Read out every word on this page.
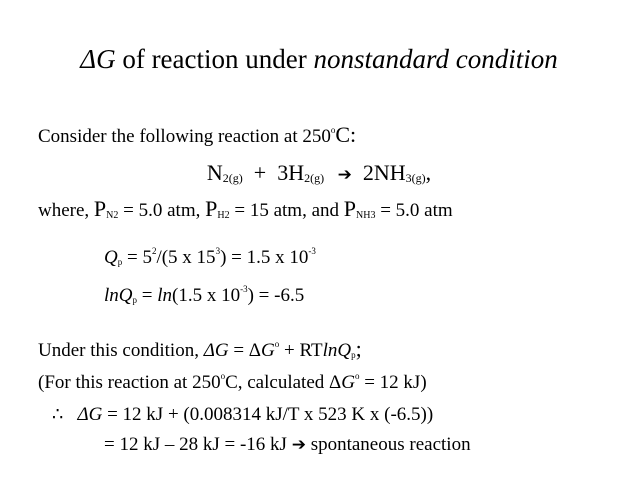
ΔG of reaction under nonstandard condition
Consider the following reaction at 250$^o$C:
$N_{2(g)} + 3H_{2(g)}$ ➔  $2NH_{3(g)}$,
where, $P_{N2} = 5.0$ atm, $P_{H2} = 15$ atm, and $P_{NH3} = 5.0$ atm
$Q_p = 5^2/(5$ x $15^3) = 1.5$ x $10^{-3}$
lnQ$_p$ = ln(1.5 x $10^{-3}) = -6.5$
Under this condition, $\Delta G = \Delta G^o + RTlnQ_p$;
(For this reaction at 250$^o$C, calculated $\Delta G^o = 12$ kJ)
∴ ΔG = 12 kJ + (0.008314 kJ/T x 523 K x (-6.5))
= 12 kJ – 28 kJ = -16 kJ ➔ spontaneous reaction
